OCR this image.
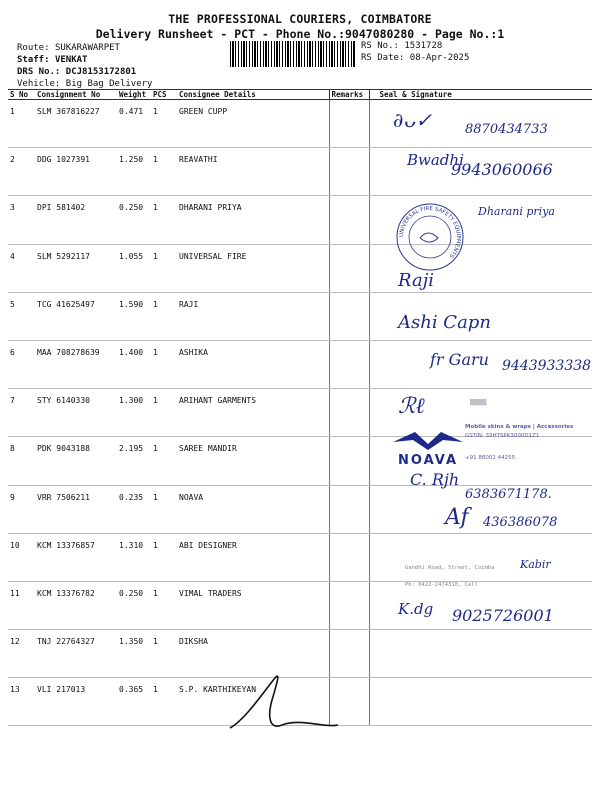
THE PROFESSIONAL COURIERS, COIMBATORE
Delivery Runsheet - PCT - Phone No.:9047080280 - Page No.:1
Route: SUKARAWARPET
Staff: VENKAT
DRS No.: DCJ8153172801
Vehicle: Big Bag Delivery
RS No.: 1531728
RS Date: 08-Apr-2025
S No	Consignment No	Weight	PCS	Consignee Details	Remarks	Seal & Signature
1	SLM 367816227	0.471	1	GREEN CUPP		
2	DDG 1027391	1.250	1	REAVATHI		
3	DPI 581402	0.250	1	DHARANI PRIYA		
4	SLM 5292117	1.055	1	UNIVERSAL FIRE		
5	TCG 41625497	1.590	1	RAJI		
6	MAA 708278639	1.400	1	ASHIKA		
7	STY 6140330	1.300	1	ARIHANT GARMENTS		
8	PDK 9043188	2.195	1	SAREE MANDIR		
9	VRR 7506211	0.235	1	NOAVA		
10	KCM 13376857	1.310	1	ABI DESIGNER		
11	KCM 13376782	0.250	1	VIMAL TRADERS		
12	TNJ 22764327	1.350	1	DIKSHA		
13	VLI 217013	0.365	1	S.P. KARTHIKEYAN		
∂ᴗ✓	8870434733
Bwadhi
9943060066
Dharani priya
UNIVERSAL FIRE SAFETY EQUIPMENTS
Raji
Ashi Capn
fr Garu 9443933338
ℛℓ	▒▒▒▒▒
NOAVA
Mobile skins & wraps | Accessories
GSTIN: 33HTSPK3000D1Z1
+91 86002 44255
C. Rjh
6383671178.
Af 436386078
Gandhi Road, Street, Coimba
Ph: 0422-2474310, Cell
Kabir
K.dg 9025726001
